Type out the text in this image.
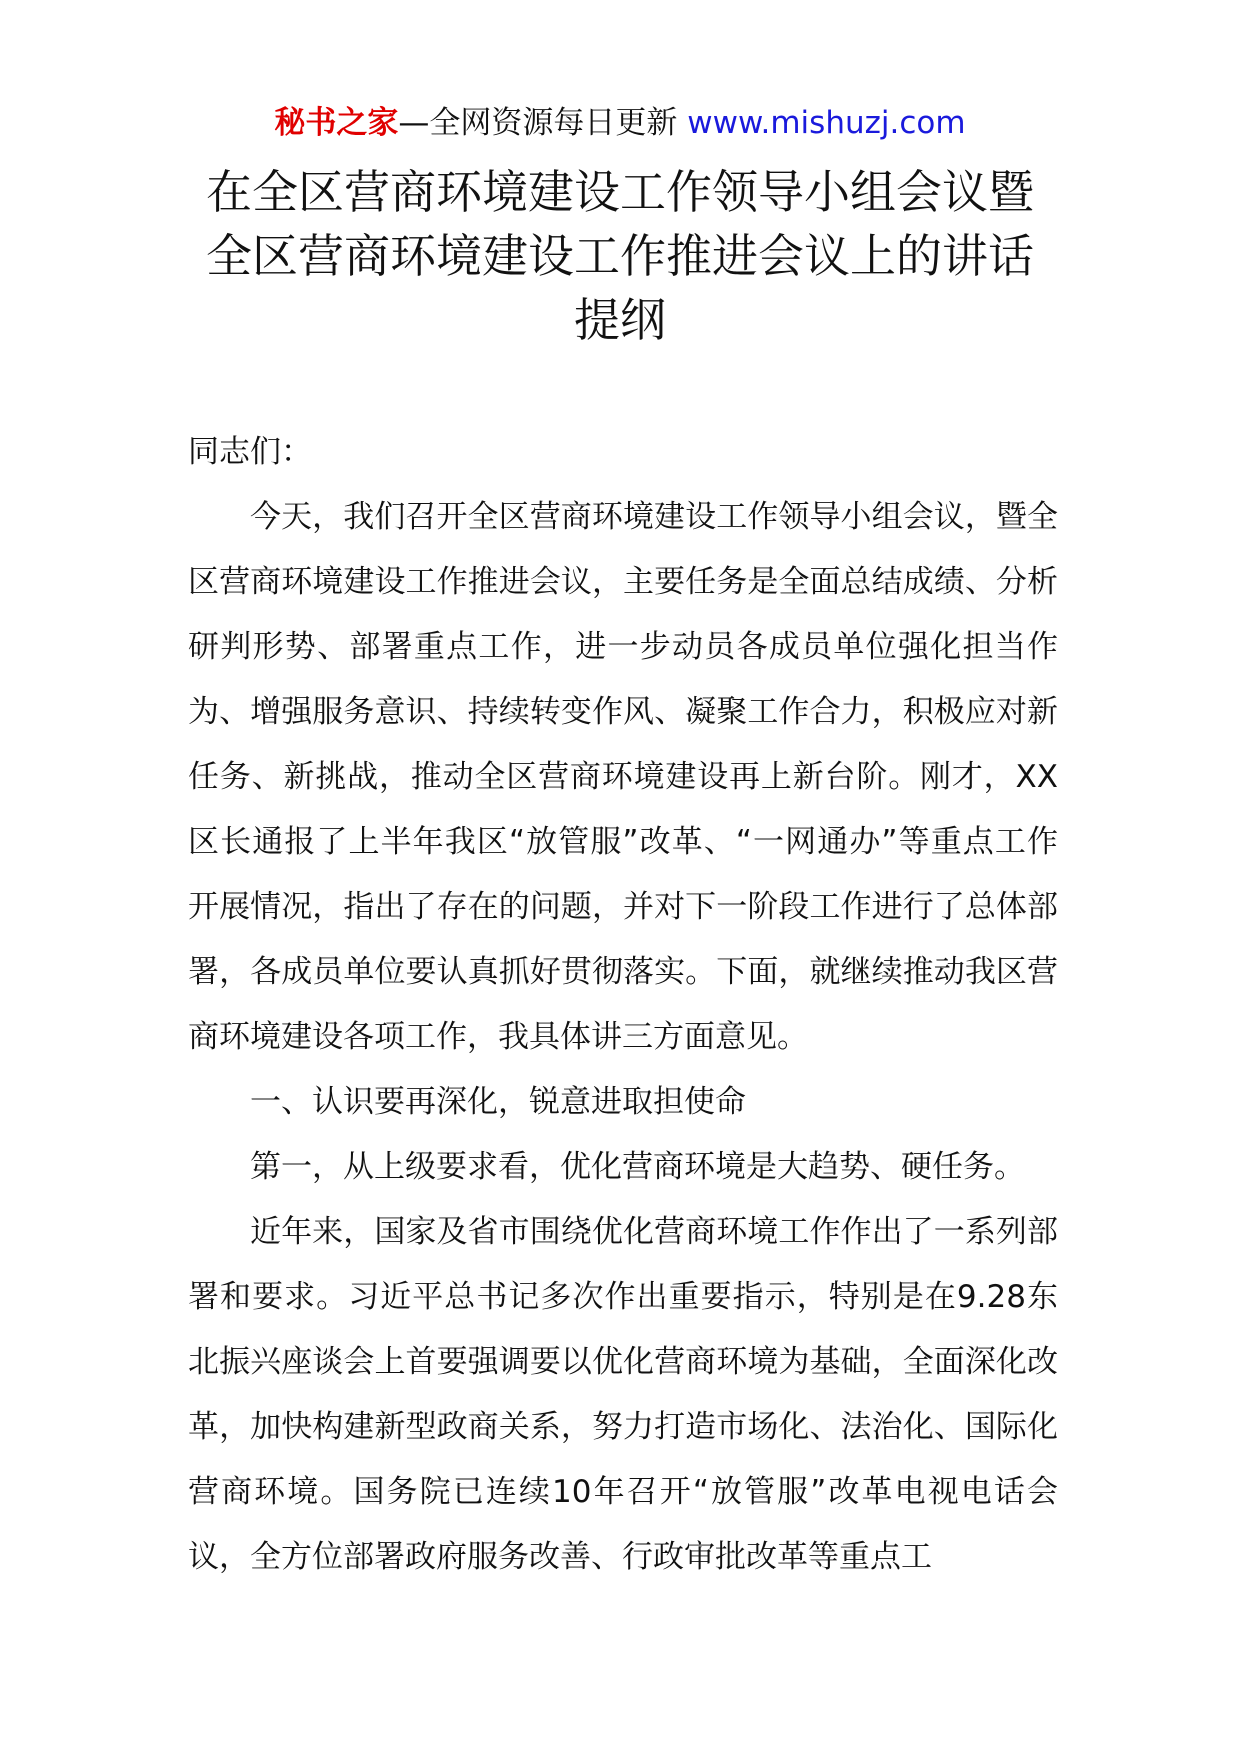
秘书之家—全网资源每日更新 www.mishuzj.com
在全区营商环境建设工作领导小组会议暨
全区营商环境建设工作推进会议上的讲话
提纲

同志们：

今天，我们召开全区营商环境建设工作领导小组会议，暨全区营商环境建设工作推进会议，主要任务是全面总结成绩、分析研判形势、部署重点工作，进一步动员各成员单位强化担当作为、增强服务意识、持续转变作风、凝聚工作合力，积极应对新任务、新挑战，推动全区营商环境建设再上新台阶。刚才，XX区长通报了上半年我区“放管服”改革、“一网通办”等重点工作开展情况，指出了存在的问题，并对下一阶段工作进行了总体部署，各成员单位要认真抓好贯彻落实。下面，就继续推动我区营商环境建设各项工作，我具体讲三方面意见。

一、认识要再深化，锐意进取担使命

第一，从上级要求看，优化营商环境是大趋势、硬任务。

近年来，国家及省市围绕优化营商环境工作作出了一系列部署和要求。习近平总书记多次作出重要指示，特别是在9.28东北振兴座谈会上首要强调要以优化营商环境为基础，全面深化改革，加快构建新型政商关系，努力打造市场化、法治化、国际化营商环境。国务院已连续10年召开“放管服”改革电视电话会议，全方位部署政府服务改善、行政审批改革等重点工
